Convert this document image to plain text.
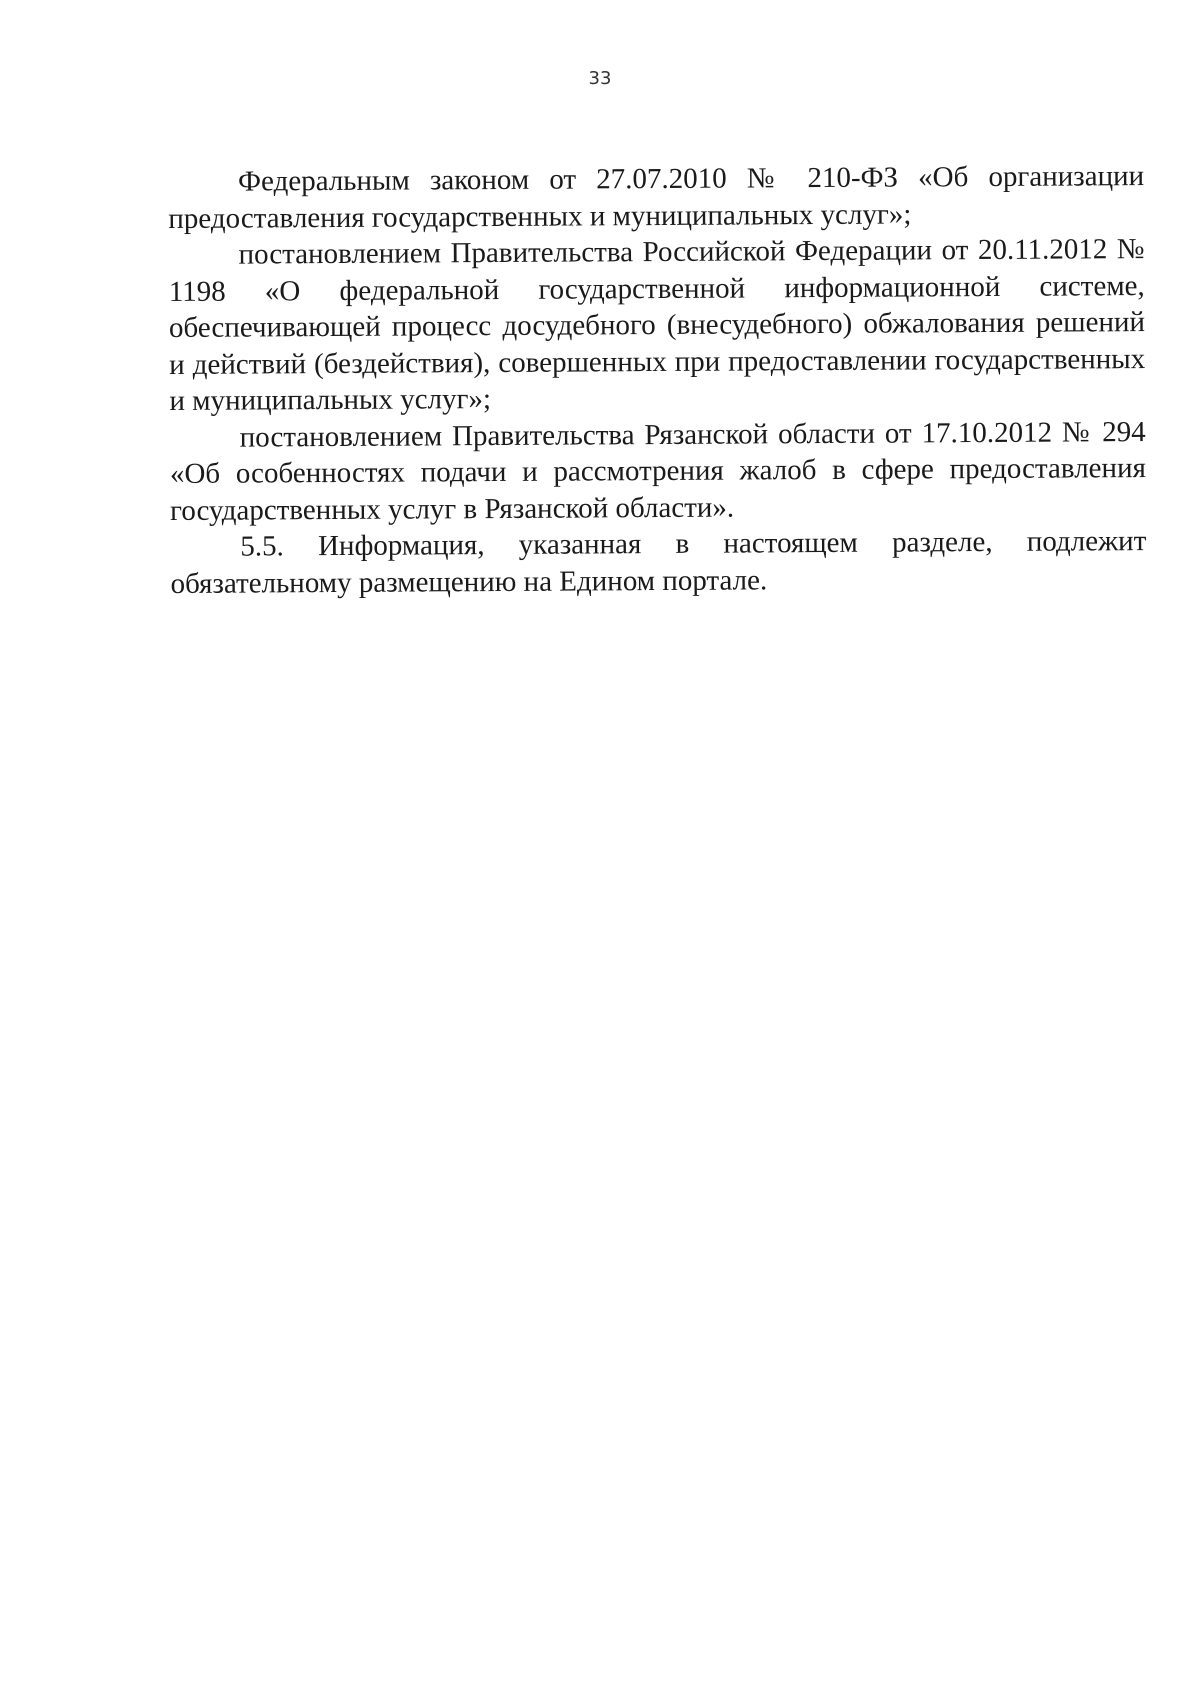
33

Федеральным законом от 27.07.2010 № 210-ФЗ «Об организации предоставления государственных и муниципальных услуг»;

постановлением Правительства Российской Федерации от 20.11.2012 № 1198 «О федеральной государственной информационной системе, обеспечивающей процесс досудебного (внесудебного) обжалования решений и действий (бездействия), совершенных при предоставлении государственных и муниципальных услуг»;

постановлением Правительства Рязанской области от 17.10.2012 № 294 «Об особенностях подачи и рассмотрения жалоб в сфере предоставления государственных услуг в Рязанской области».

5.5. Информация, указанная в настоящем разделе, подлежит обязательному размещению на Едином портале.
